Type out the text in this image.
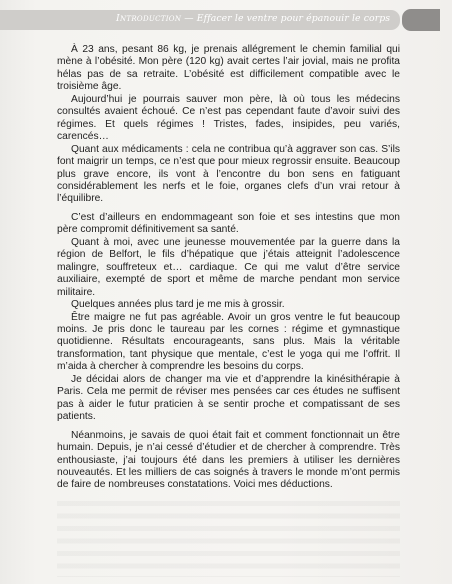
Introduction — Effacer le ventre pour épanouir le corps

À 23 ans, pesant 86 kg, je prenais allégrement le chemin familial qui mène à l’obésité. Mon père (120 kg) avait certes l’air jovial, mais ne profita hélas pas de sa retraite. L’obésité est difficilement compatible avec le troisième âge.

Aujourd’hui je pourrais sauver mon père, là où tous les médecins consultés avaient échoué. Ce n’est pas cependant faute d’avoir suivi des régimes. Et quels régimes ! Tristes, fades, insipides, peu variés, carencés…

Quant aux médicaments : cela ne contribua qu’à aggraver son cas. S’ils font maigrir un temps, ce n’est que pour mieux regrossir ensuite. Beaucoup plus grave encore, ils vont à l’encontre du bon sens en fatiguant considérablement les nerfs et le foie, organes clefs d’un vrai retour à l’équilibre.

C’est d’ailleurs en endommageant son foie et ses intestins que mon père compromit définitivement sa santé.

Quant à moi, avec une jeunesse mouvementée par la guerre dans la région de Belfort, le fils d’hépatique que j’étais atteignit l’adolescence malingre, souffreteux et… cardiaque. Ce qui me valut d’être service auxiliaire, exempté de sport et même de marche pendant mon service militaire.

Quelques années plus tard je me mis à grossir.

Être maigre ne fut pas agréable. Avoir un gros ventre le fut beaucoup moins. Je pris donc le taureau par les cornes : régime et gymnastique quotidienne. Résultats encourageants, sans plus. Mais la véritable transformation, tant physique que mentale, c’est le yoga qui me l’offrit. Il m’aida à chercher à comprendre les besoins du corps.

Je décidai alors de changer ma vie et d’apprendre la kinésithérapie à Paris. Cela me permit de réviser mes pensées car ces études ne suffisent pas à aider le futur praticien à se sentir proche et compatissant de ses patients.

Néanmoins, je savais de quoi était fait et comment fonctionnait un être humain. Depuis, je n’ai cessé d’étudier et de chercher à comprendre. Très enthousiaste, j’ai toujours été dans les premiers à utiliser les dernières nouveautés. Et les milliers de cas soignés à travers le monde m’ont permis de faire de nombreuses constatations. Voici mes déductions.
